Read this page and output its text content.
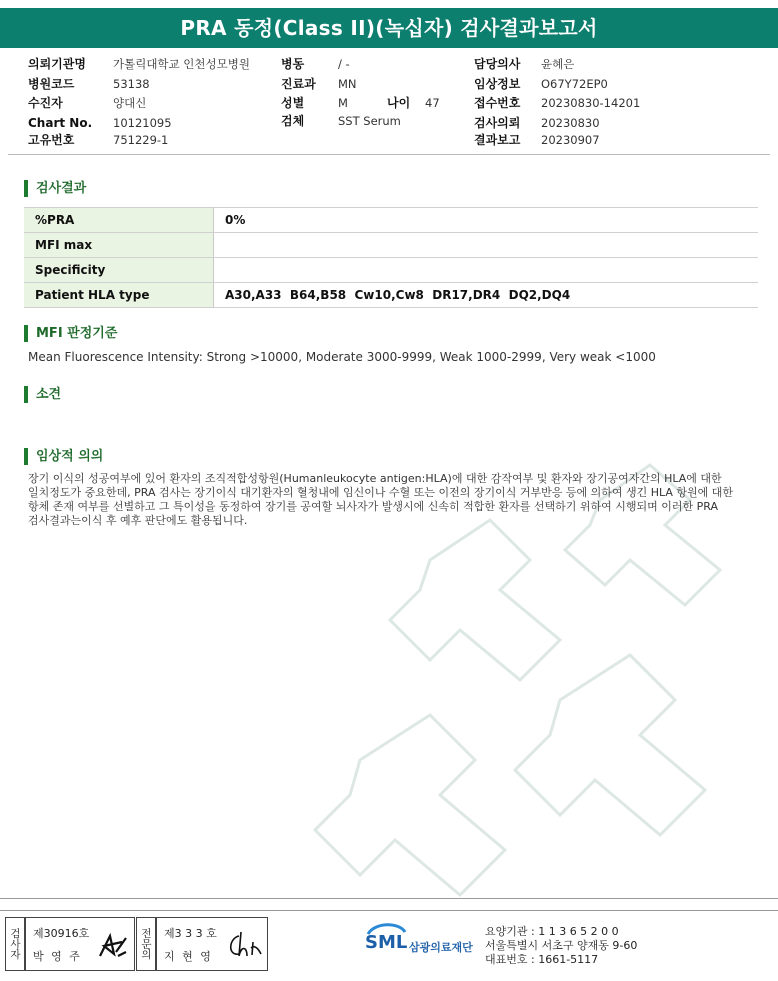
PRA 동정(Class II)(녹십자) 검사결과보고서
의뢰기관명 가톨릭대학교 인천성모병원
병원코드	53138
수진자	양대신
Chart No. 10121095
고유번호	751229-1
병동	/ -
진료과 MN
성별	M	나이 47
검체	SST Serum
담당의사 윤혜은
임상정보 O67Y72EP0
접수번호 20230830-14201
검사의뢰 20230830
결과보고 20230907
검사결과
%PRA	0%
MFI max	
Specificity	
Patient HLA type	A30,A33  B64,B58  Cw10,Cw8  DR17,DR4  DQ2,DQ4
MFI 판정기준
Mean Fluorescence Intensity: Strong >10000, Moderate 3000-9999, Weak 1000-2999, Very weak <1000
소견
임상적 의의
장기 이식의 성공여부에 있어 환자의 조직적합성항원(Humanleukocyte antigen:HLA)에 대한 감작여부 및 환자와 장기공여자간의 HLA에 대한
일치정도가 중요한데, PRA 검사는 장기이식 대기환자의 혈청내에 임신이나 수혈 또는 이전의 장기이식 거부반응 등에 의하여 생긴 HLA 항원에 대한
항체 존재 여부를 선별하고 그 특이성을 동정하여 장기를 공여할 뇌사자가 발생시에 신속히 적합한 환자를 선택하기 위하여 시행되며 이러한 PRA
검사결과는이식 후 예후 판단에도 활용됩니다.
검사자 제30916호
박 영 주	전문의 제3 3 3 호
지 현 영
SML 삼광의료재단
요양기관 : 1 1 3 6 5 2 0 0
서울특별시 서초구 양재동 9-60
대표번호 : 1661-5117
